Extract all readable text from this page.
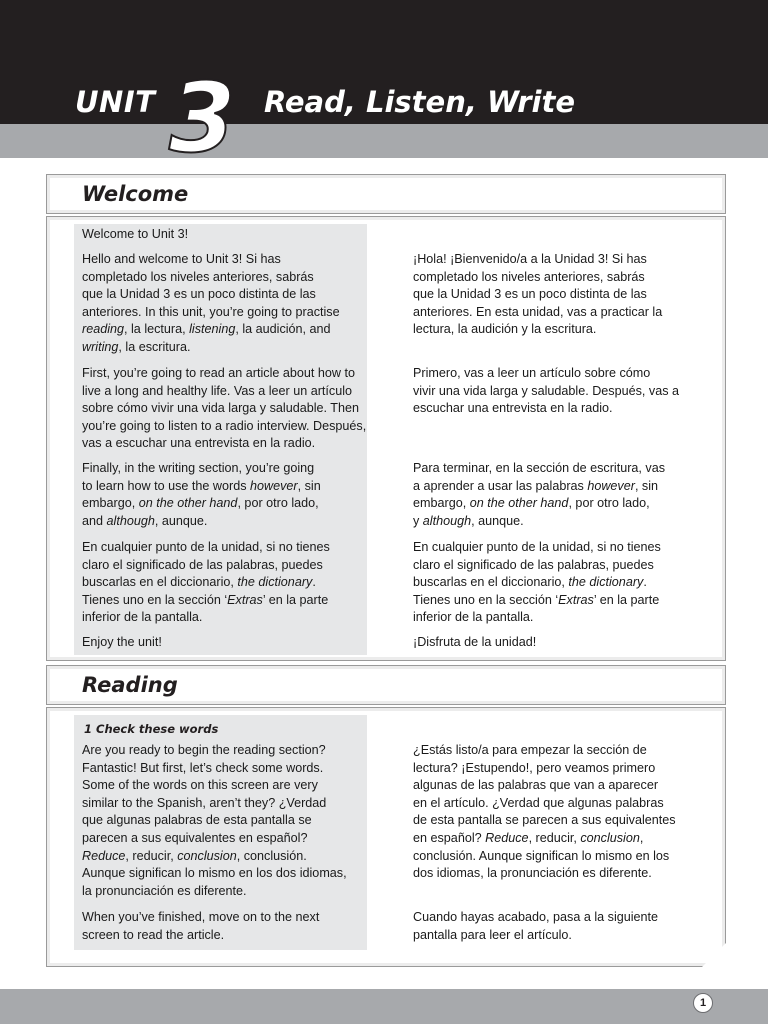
UNIT 3 Read, Listen, Write
Welcome

Welcome to Unit 3!

Hello and welcome to Unit 3! Si has
completado los niveles anteriores, sabrás
que la Unidad 3 es un poco distinta de las
anteriores. In this unit, you’re going to practise
reading, la lectura, listening, la audición, and
writing, la escritura.

First, you’re going to read an article about how to
live a long and healthy life. Vas a leer un artículo
sobre cómo vivir una vida larga y saludable. Then
you’re going to listen to a radio interview. Después,
vas a escuchar una entrevista en la radio.

Finally, in the writing section, you’re going
to learn how to use the words however, sin
embargo, on the other hand, por otro lado,
and although, aunque.

En cualquier punto de la unidad, si no tienes
claro el significado de las palabras, puedes
buscarlas en el diccionario, the dictionary.
Tienes uno en la sección ‘Extras’ en la parte
inferior de la pantalla.

Enjoy the unit!

¡Hola! ¡Bienvenido/a a la Unidad 3! Si has
completado los niveles anteriores, sabrás
que la Unidad 3 es un poco distinta de las
anteriores. En esta unidad, vas a practicar la
lectura, la audición y la escritura.

Primero, vas a leer un artículo sobre cómo
vivir una vida larga y saludable. Después, vas a
escuchar una entrevista en la radio.

Para terminar, en la sección de escritura, vas
a aprender a usar las palabras however, sin
embargo, on the other hand, por otro lado,
y although, aunque.

En cualquier punto de la unidad, si no tienes
claro el significado de las palabras, puedes
buscarlas en el diccionario, the dictionary.
Tienes uno en la sección ‘Extras’ en la parte
inferior de la pantalla.

¡Disfruta de la unidad!

Reading
1 Check these words

Are you ready to begin the reading section?
Fantastic! But first, let’s check some words.
Some of the words on this screen are very
similar to the Spanish, aren’t they? ¿Verdad
que algunas palabras de esta pantalla se
parecen a sus equivalentes en español?
Reduce, reducir, conclusion, conclusión.
Aunque significan lo mismo en los dos idiomas,
la pronunciación es diferente.

When you’ve finished, move on to the next
screen to read the article.

¿Estás listo/a para empezar la sección de
lectura? ¡Estupendo!, pero veamos primero
algunas de las palabras que van a aparecer
en el artículo. ¿Verdad que algunas palabras
de esta pantalla se parecen a sus equivalentes
en español? Reduce, reducir, conclusion,
conclusión. Aunque significan lo mismo en los
dos idiomas, la pronunciación es diferente.

Cuando hayas acabado, pasa a la siguiente
pantalla para leer el artículo.

1
